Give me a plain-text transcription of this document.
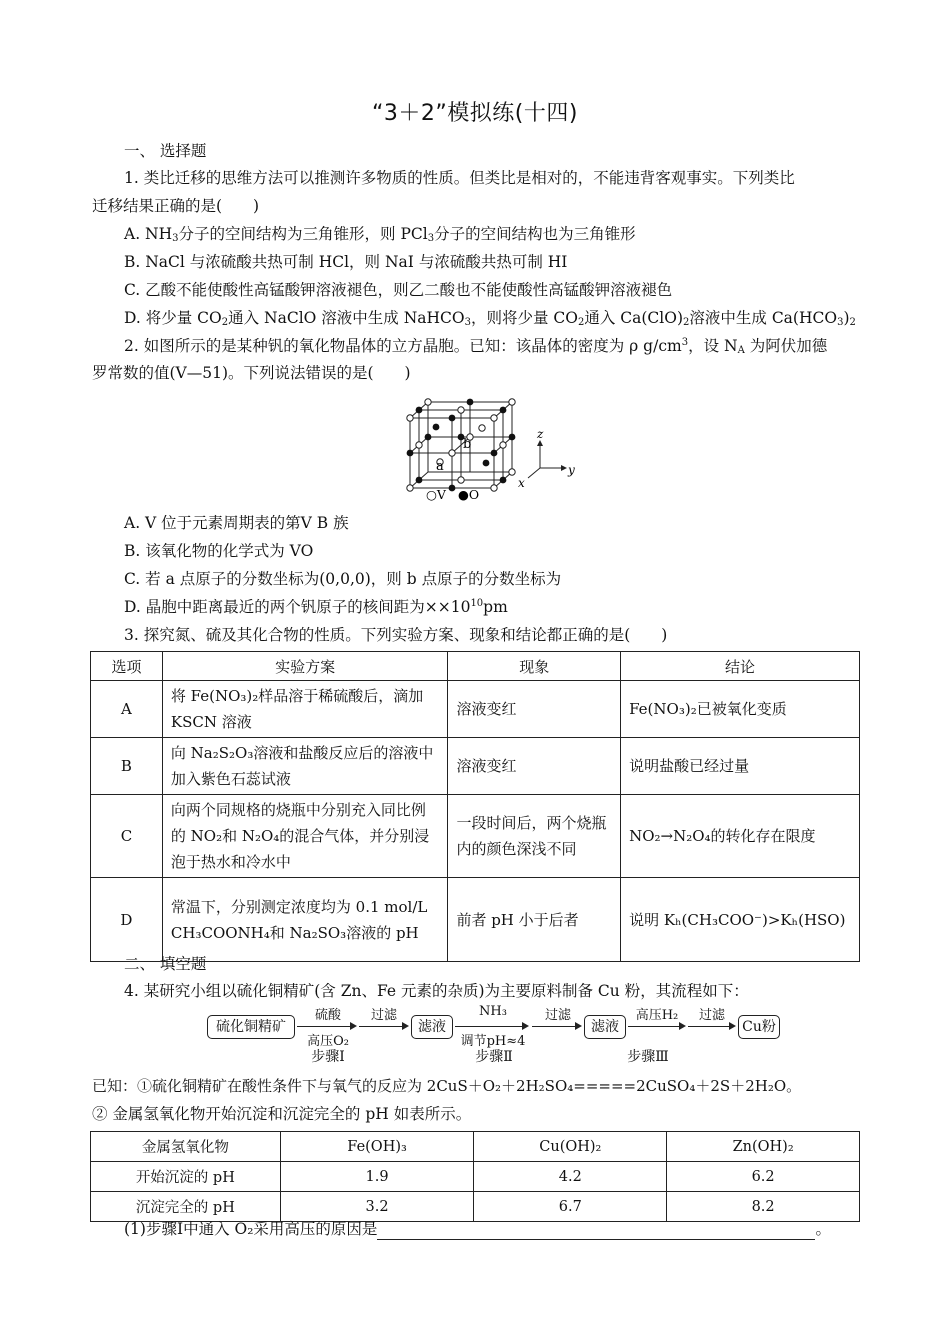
“3＋2”模拟练(十四)
一、 选择题
1. 类比迁移的思维方法可以推测许多物质的性质。但类比是相对的，不能违背客观事实。下列类比
迁移结果正确的是(　　)
A. $NH_3$分子的空间结构为三角锥形，则 PCl$_3$分子的空间结构也为三角锥形
B. NaCl 与浓硫酸共热可制 HCl，则 NaI 与浓硫酸共热可制 HI
C. 乙酸不能使酸性高锰酸钾溶液褪色，则乙二酸也不能使酸性高锰酸钾溶液褪色
D. 将少量 $CO_2$通入 NaClO 溶液中生成 NaHCO$_3$，则将少量 $CO_2$通入 $Ca(ClO)_2$溶液中生成 $Ca(HCO_3)_2$
2. 如图所示的是某种钒的氧化物晶体的立方晶胞。已知：该晶体的密度为 ρ $g/cm^3$，设 $N_A$ 为阿伏加德
罗常数的值(V—51)。下列说法错误的是(　　)
a
b
z
y
x
○V ●O
A. V 位于元素周期表的第Ⅴ B 族
B. 该氧化物的化学式为 VO
C. 若 a 点原子的分数坐标为(0,0,0)，则 b 点原子的分数坐标为
D. 晶胞中距离最近的两个钒原子的核间距为$\times\times 10^{10}pm$
3. 探究氮、硫及其化合物的性质。下列实验方案、现象和结论都正确的是(　　)
选项	实验方案	现象	结论
A	将 Fe(NO₃)₂样品溶于稀硫酸后，滴加 KSCN 溶液	溶液变红	Fe(NO₃)₂已被氧化变质
B	向 Na₂S₂O₃溶液和盐酸反应后的溶液中加入紫色石蕊试液	溶液变红	说明盐酸已经过量
C	向两个同规格的烧瓶中分别充入同比例的 NO₂和 N₂O₄的混合气体，并分别浸泡于热水和冷水中	一段时间后，两个烧瓶内的颜色深浅不同	NO₂→N₂O₄的转化存在限度
D	常温下，分别测定浓度均为 0.1 mol/L CH₃COONH₄和 Na₂SO₃溶液的 pH	前者 pH 小于后者	说明 Kₕ(CH₃COO⁻)>Kₕ(HSO)
二、 填空题
4. 某研究小组以硫化铜精矿(含 Zn、Fe 元素的杂质)为主要原料制备 Cu 粉，其流程如下：
硫化铜精矿
硫酸
高压O₂
过滤
滤液
NH₃
调节pH≈4
过滤
滤液
高压H₂	过滤
Cu粉
步骤Ⅰ	步骤Ⅱ	步骤Ⅲ
已知：①硫化铜精矿在酸性条件下与氧气的反应为 2CuS＋O₂＋2H₂SO₄=====2CuSO₄＋2S＋2H₂O。
② 金属氢氧化物开始沉淀和沉淀完全的 pH 如表所示。
金属氢氧化物	Fe(OH)₃	Cu(OH)₂	Zn(OH)₂
开始沉淀的 pH	1.9	4.2	6.2
沉淀完全的 pH	3.2	6.7	8.2
(1)步骤Ⅰ中通入 O₂采用高压的原因是	。
